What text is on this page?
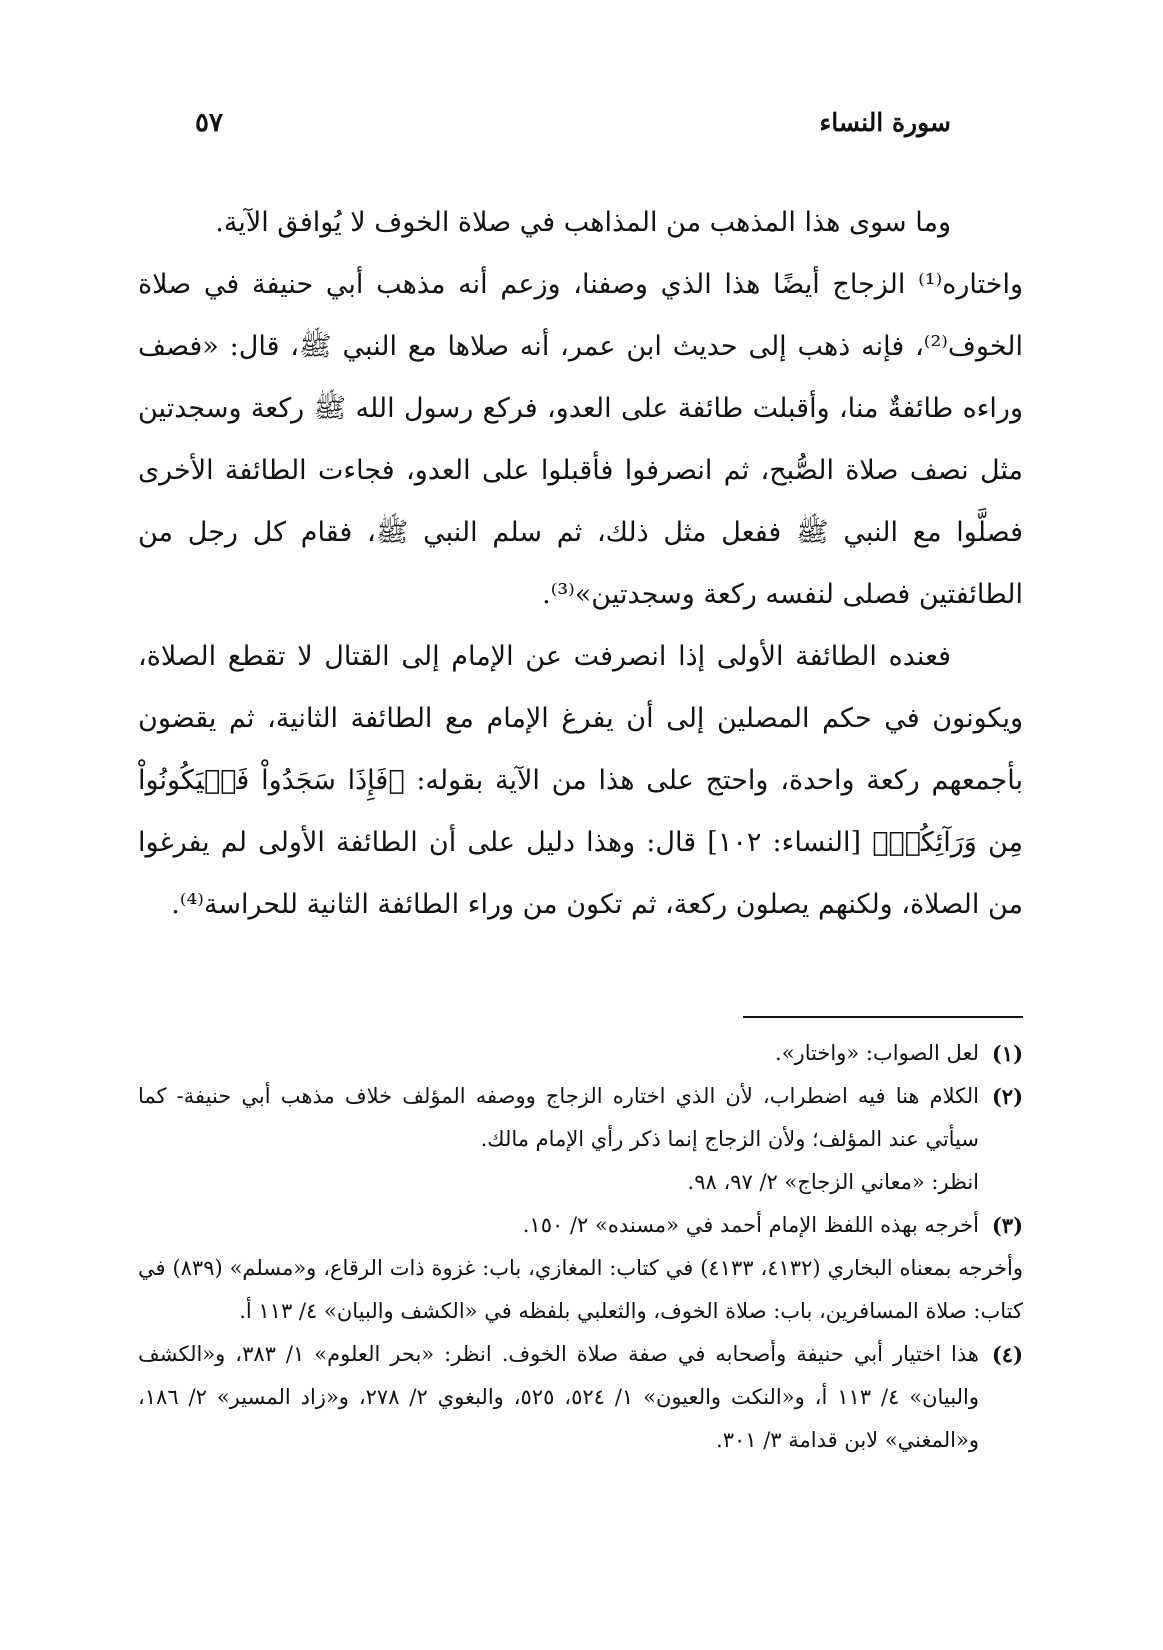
سورة النساء
٥٧

وما سوى هذا المذهب من المذاهب في صلاة الخوف لا يُوافق الآية.

واختاره⁽¹⁾ الزجاج أيضًا هذا الذي وصفنا، وزعم أنه مذهب أبي حنيفة في صلاة الخوف⁽²⁾، فإنه ذهب إلى حديث ابن عمر، أنه صلاها مع النبي ﷺ، قال: «فصف وراءه طائفةٌ منا، وأقبلت طائفة على العدو، فركع رسول الله ﷺ ركعة وسجدتين مثل نصف صلاة الصُّبح، ثم انصرفوا فأقبلوا على العدو، فجاءت الطائفة الأخرى فصلَّوا مع النبي ﷺ ففعل مثل ذلك، ثم سلم النبي ﷺ، فقام كل رجل من الطائفتين فصلى لنفسه ركعة وسجدتين»⁽³⁾.

فعنده الطائفة الأولى إذا انصرفت عن الإمام إلى القتال لا تقطع الصلاة، ويكونون في حكم المصلين إلى أن يفرغ الإمام مع الطائفة الثانية، ثم يقضون بأجمعهم ركعة واحدة، واحتج على هذا من الآية بقوله: ﴿فَإِذَا سَجَدُواْ فَلۡيَكُونُواْ مِن وَرَآئِكُمۡ﴾ [النساء: ١٠٢] قال: وهذا دليل على أن الطائفة الأولى لم يفرغوا من الصلاة، ولكنهم يصلون ركعة، ثم تكون من وراء الطائفة الثانية للحراسة⁽⁴⁾.

(١)

لعل الصواب: «واختار».

(٢)

الكلام هنا فيه اضطراب، لأن الذي اختاره الزجاج ووصفه المؤلف خلاف مذهب أبي حنيفة- كما سيأتي عند المؤلف؛ ولأن الزجاج إنما ذكر رأي الإمام مالك.

انظر: «معاني الزجاج» ٢/ ٩٧، ٩٨.

(٣)

أخرجه بهذه اللفظ الإمام أحمد في «مسنده» ٢/ ١٥٠.

وأخرجه بمعناه البخاري (٤١٣٢، ٤١٣٣) في كتاب: المغازي، باب: غزوة ذات الرقاع، و«مسلم» (٨٣٩) في كتاب: صلاة المسافرين، باب: صلاة الخوف، والثعلبي بلفظه في «الكشف والبيان» ٤/ ١١٣ أ.

(٤)

هذا اختيار أبي حنيفة وأصحابه في صفة صلاة الخوف. انظر: «بحر العلوم» ١/ ٣٨٣، و«الكشف والبيان» ٤/ ١١٣ أ، و«النكت والعيون» ١/ ٥٢٤، ٥٢٥، والبغوي ٢/ ٢٧٨، و«زاد المسير» ٢/ ١٨٦، و«المغني» لابن قدامة ٣/ ٣٠١.
